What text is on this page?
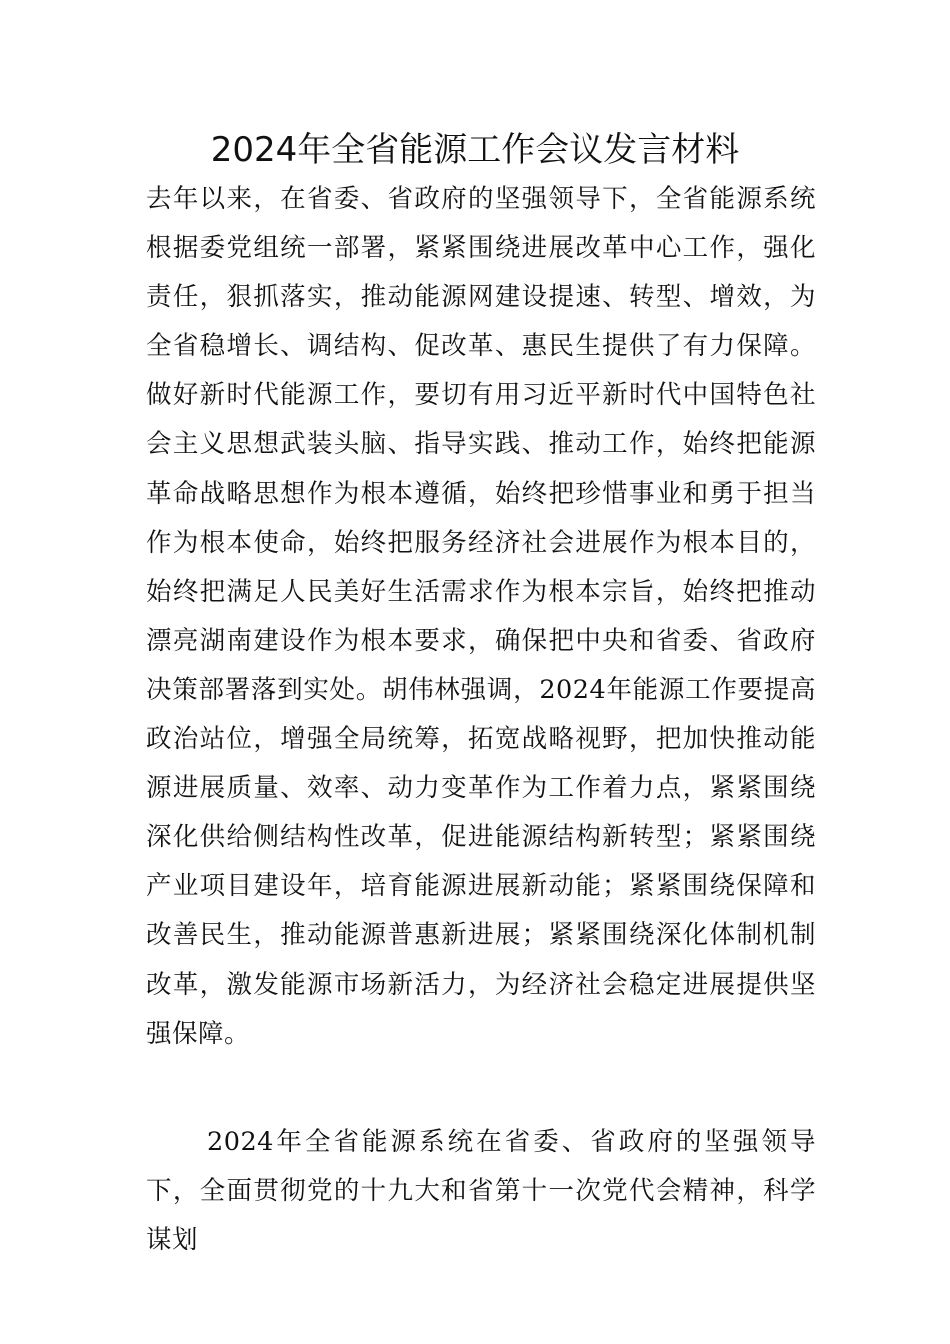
2024年全省能源工作会议发言材料

去年以来，在省委、省政府的坚强领导下，全省能源系统根据委党组统一部署，紧紧围绕进展改革中心工作，强化责任，狠抓落实，推动能源网建设提速、转型、增效，为全省稳增长、调结构、促改革、惠民生提供了有力保障。做好新时代能源工作，要切有用习近平新时代中国特色社会主义思想武装头脑、指导实践、推动工作，始终把能源革命战略思想作为根本遵循，始终把珍惜事业和勇于担当作为根本使命，始终把服务经济社会进展作为根本目的，始终把满足人民美好生活需求作为根本宗旨，始终把推动漂亮湖南建设作为根本要求，确保把中央和省委、省政府决策部署落到实处。胡伟林强调，2024年能源工作要提高政治站位，增强全局统筹，拓宽战略视野，把加快推动能源进展质量、效率、动力变革作为工作着力点，紧紧围绕深化供给侧结构性改革，促进能源结构新转型；紧紧围绕产业项目建设年，培育能源进展新动能；紧紧围绕保障和改善民生，推动能源普惠新进展；紧紧围绕深化体制机制改革，激发能源市场新活力，为经济社会稳定进展提供坚强保障。

2024年全省能源系统在省委、省政府的坚强领导下，全面贯彻党的十九大和省第十一次党代会精神，科学谋划
